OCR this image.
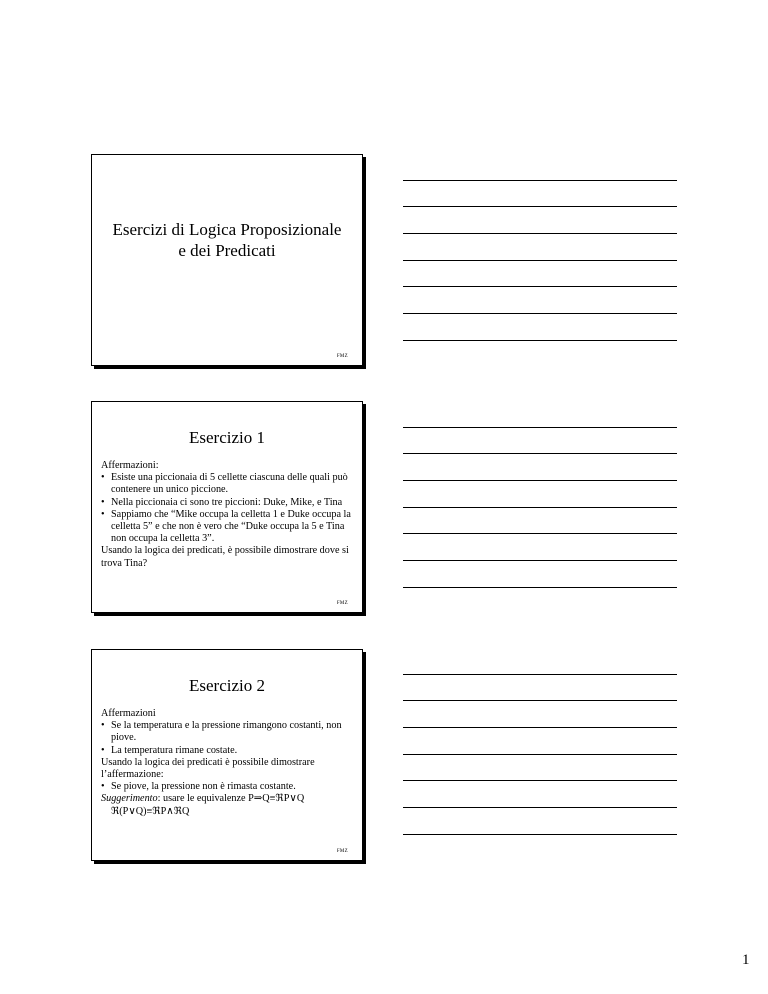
Esercizi di Logica Proposizionale
e dei Predicati
FMZ
Esercizio 1

Affermazioni:

• Esiste una piccionaia di 5 cellette ciascuna delle quali può contenere un unico piccione.

• Nella piccionaia ci sono tre piccioni: Duke, Mike, e Tina

• Sappiamo che “Mike occupa la celletta 1 e Duke occupa la celletta 5” e che non è vero che “Duke occupa la 5 e Tina non occupa la celletta 3”.

Usando la logica dei predicati, è possibile dimostrare dove si trova Tina?

FMZ
Esercizio 2

Affermazioni

• Se la temperatura e la pressione rimangono costanti, non piove.

• La temperatura rimane costate.

Usando la logica dei predicati è possibile dimostrare l’affermazione:

• Se piove, la pressione non è rimasta costante.

Suggerimento: usare le equivalenze P⇒Q≡ℜP∨Q

ℜ(P∨Q)≡ℜP∧ℜQ

FMZ
1
